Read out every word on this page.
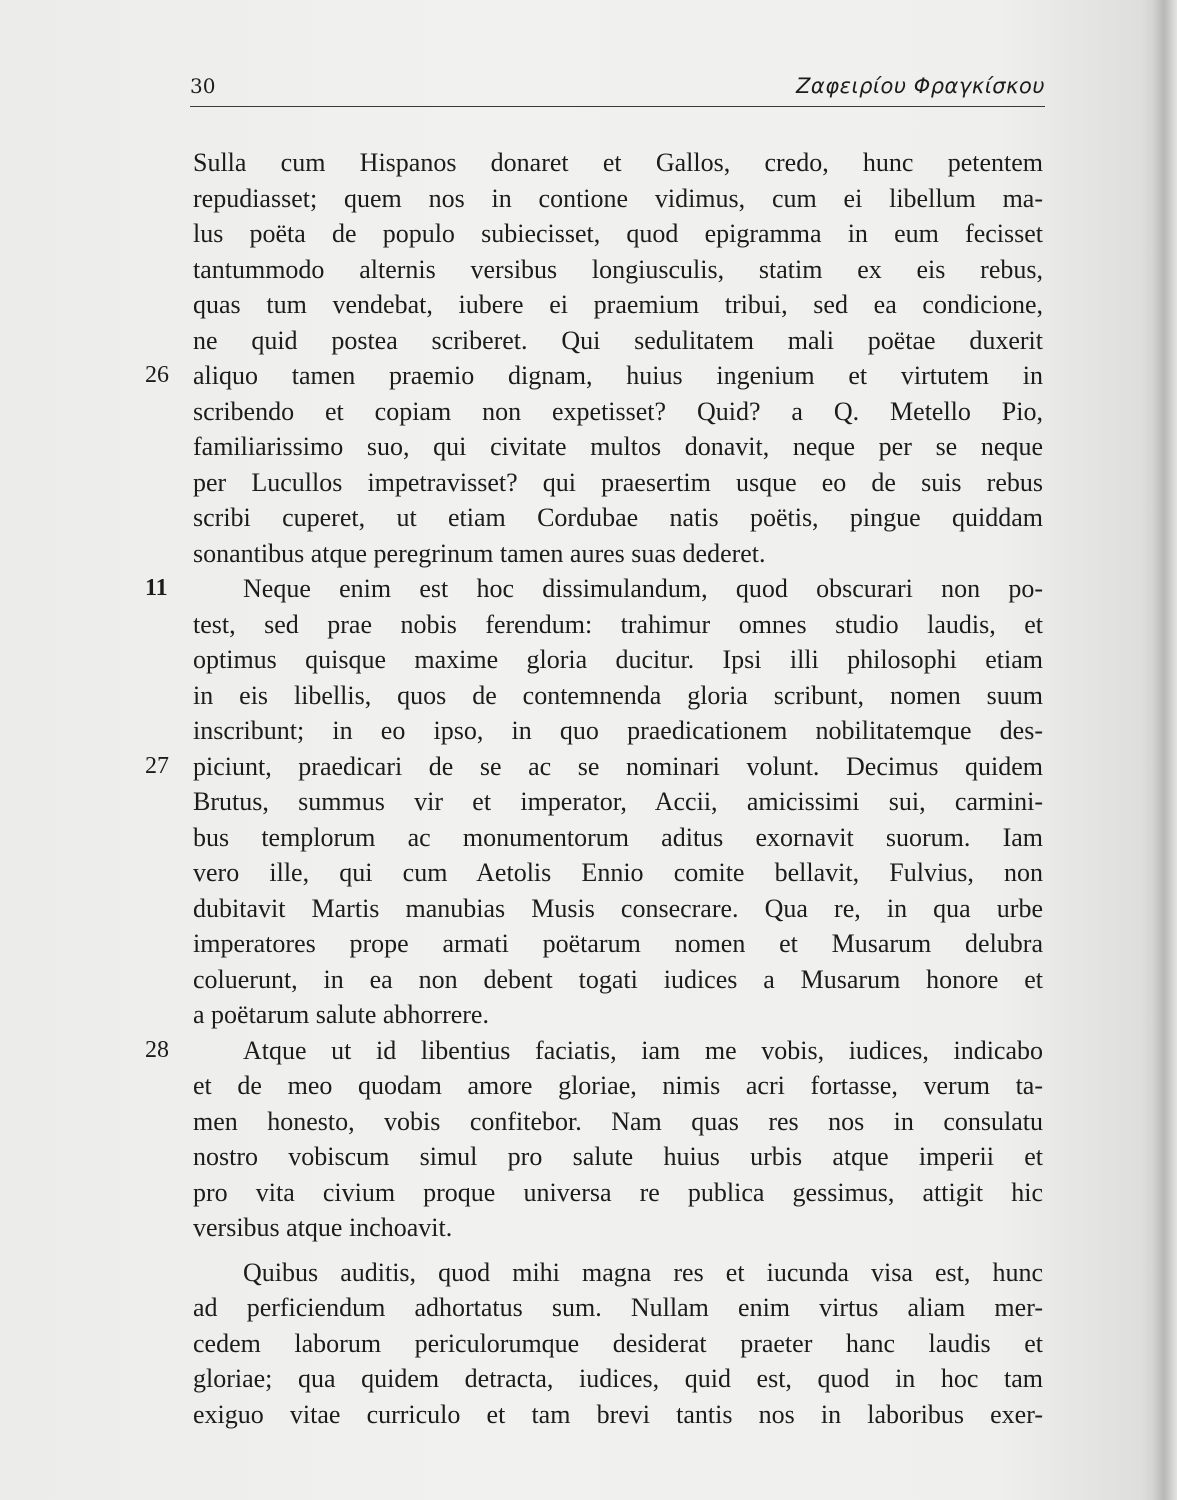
30	Ζαφειρίου Φραγκίσκου
Sulla cum Hispanos donaret et Gallos, credo, hunc petentem
repudiasset; quem nos in contione vidimus, cum ei libellum ma-
lus poëta de populo subiecisset, quod epigramma in eum fecisset
tantummodo alternis versibus longiusculis, statim ex eis rebus,
quas tum vendebat, iubere ei praemium tribui, sed ea condicione,
ne quid postea scriberet. Qui sedulitatem mali poëtae duxerit
26 aliquo tamen praemio dignam, huius ingenium et virtutem in
scribendo et copiam non expetisset? Quid? a Q. Metello Pio,
familiarissimo suo, qui civitate multos donavit, neque per se neque
per Lucullos impetravisset? qui praesertim usque eo de suis rebus
scribi cuperet, ut etiam Cordubae natis poëtis, pingue quiddam
sonantibus atque peregrinum tamen aures suas dederet.
11	Neque enim est hoc dissimulandum, quod obscurari non po-
test, sed prae nobis ferendum: trahimur omnes studio laudis, et
optimus quisque maxime gloria ducitur. Ipsi illi philosophi etiam
in eis libellis, quos de contemnenda gloria scribunt, nomen suum
inscribunt; in eo ipso, in quo praedicationem nobilitatemque des-
27 piciunt, praedicari de se ac se nominari volunt. Decimus quidem
Brutus, summus vir et imperator, Accii, amicissimi sui, carmini-
bus templorum ac monumentorum aditus exornavit suorum. Iam
vero ille, qui cum Aetolis Ennio comite bellavit, Fulvius, non
dubitavit Martis manubias Musis consecrare. Qua re, in qua urbe
imperatores prope armati poëtarum nomen et Musarum delubra
coluerunt, in ea non debent togati iudices a Musarum honore et
a poëtarum salute abhorrere.
28	Atque ut id libentius faciatis, iam me vobis, iudices, indicabo
et de meo quodam amore gloriae, nimis acri fortasse, verum ta-
men honesto, vobis confitebor. Nam quas res nos in consulatu
nostro vobiscum simul pro salute huius urbis atque imperii et
pro vita civium proque universa re publica gessimus, attigit hic
versibus atque inchoavit.
Quibus auditis, quod mihi magna res et iucunda visa est, hunc
ad perficiendum adhortatus sum. Nullam enim virtus aliam mer-
cedem laborum periculorumque desiderat praeter hanc laudis et
gloriae; qua quidem detracta, iudices, quid est, quod in hoc tam
exiguo vitae curriculo et tam brevi tantis nos in laboribus exer-
